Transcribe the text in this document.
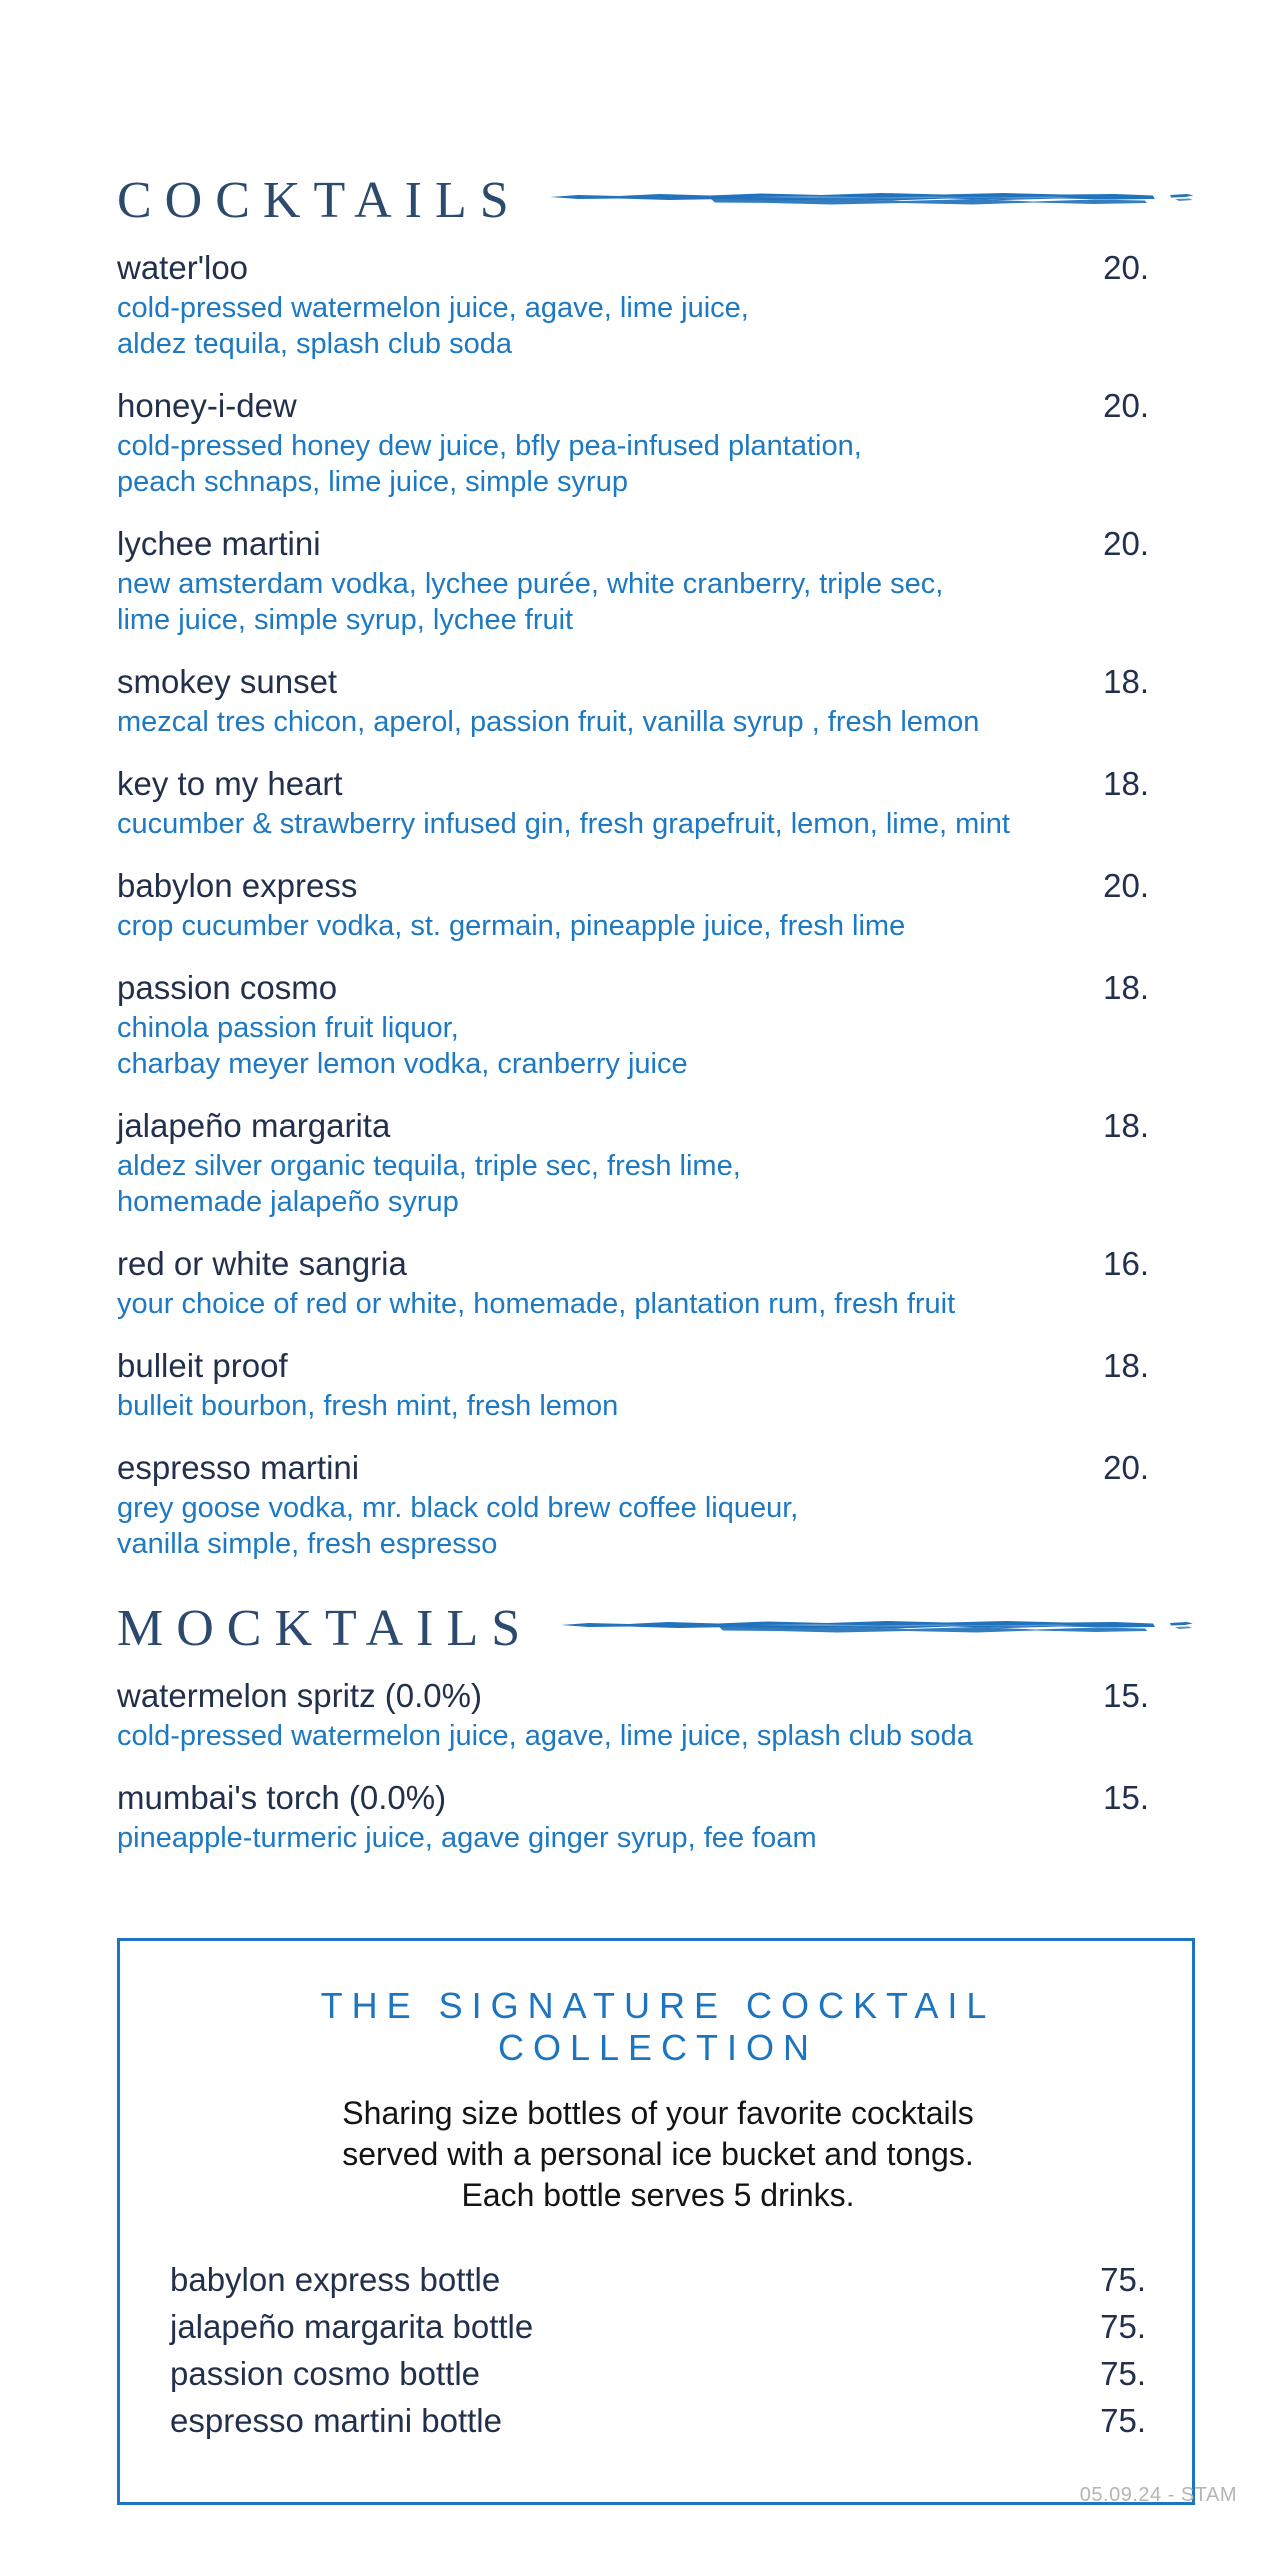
COCKTAILS
water'loo	20.
cold-pressed watermelon juice, agave, lime juice,
aldez tequila, splash club soda
honey-i-dew	20.
cold-pressed honey dew juice, bfly pea-infused plantation,
peach schnaps, lime juice, simple syrup
lychee martini	20.
new amsterdam vodka, lychee purée, white cranberry, triple sec,
lime juice, simple syrup, lychee fruit
smokey sunset	18.
mezcal tres chicon, aperol, passion fruit, vanilla syrup , fresh lemon
key to my heart	18.
cucumber & strawberry infused gin, fresh grapefruit, lemon, lime, mint
babylon express	20.
crop cucumber vodka, st. germain, pineapple juice, fresh lime
passion cosmo	18.
chinola passion fruit liquor,
charbay meyer lemon vodka, cranberry juice
jalapeño margarita	18.
aldez silver organic tequila, triple sec, fresh lime,
homemade jalapeño syrup
red or white sangria	16.
your choice of red or white, homemade, plantation rum, fresh fruit
bulleit proof	18.
bulleit bourbon, fresh mint, fresh lemon
espresso martini	20.
grey goose vodka, mr. black cold brew coffee liqueur,
vanilla simple, fresh espresso
MOCKTAILS
watermelon spritz (0.0%)	15.
cold-pressed watermelon juice, agave, lime juice, splash club soda
mumbai's torch (0.0%)	15.
pineapple-turmeric juice, agave ginger syrup, fee foam
THE SIGNATURE COCKTAIL COLLECTION
Sharing size bottles of your favorite cocktails
served with a personal ice bucket and tongs.
Each bottle serves 5 drinks.
babylon express bottle	75.
jalapeño margarita bottle	75.
passion cosmo bottle	75.
espresso martini bottle	75.
05.09.24 - STAM
